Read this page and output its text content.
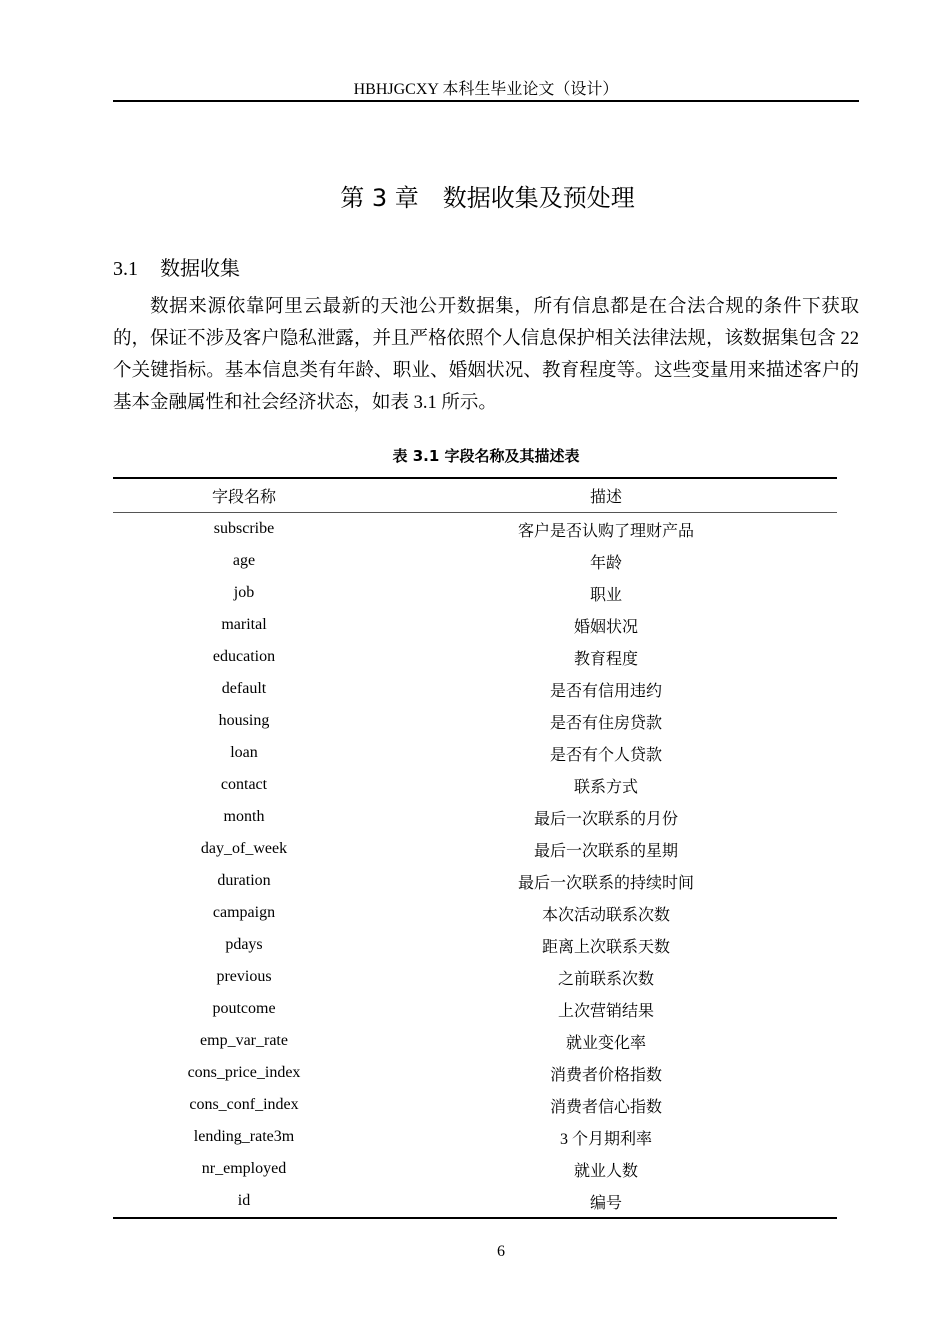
HBHJGCXY 本科生毕业论文（设计）
第 3 章　数据收集及预处理
3.1 数据收集
数据来源依靠阿里云最新的天池公开数据集，所有信息都是在合法合规的条件下获取的，保证不涉及客户隐私泄露，并且严格依照个人信息保护相关法律法规，该数据集包含 22 个关键指标。基本信息类有年龄、职业、婚姻状况、教育程度等。这些变量用来描述客户的基本金融属性和社会经济状态，如表 3.1 所示。
表 3.1 字段名称及其描述表
字段名称	描述
subscribe	客户是否认购了理财产品
age	年龄
job	职业
marital	婚姻状况
education	教育程度
default	是否有信用违约
housing	是否有住房贷款
loan	是否有个人贷款
contact	联系方式
month	最后一次联系的月份
day_of_week	最后一次联系的星期
duration	最后一次联系的持续时间
campaign	本次活动联系次数
pdays	距离上次联系天数
previous	之前联系次数
poutcome	上次营销结果
emp_var_rate	就业变化率
cons_price_index	消费者价格指数
cons_conf_index	消费者信心指数
lending_rate3m	3 个月期利率
nr_employed	就业人数
id	编号
6
